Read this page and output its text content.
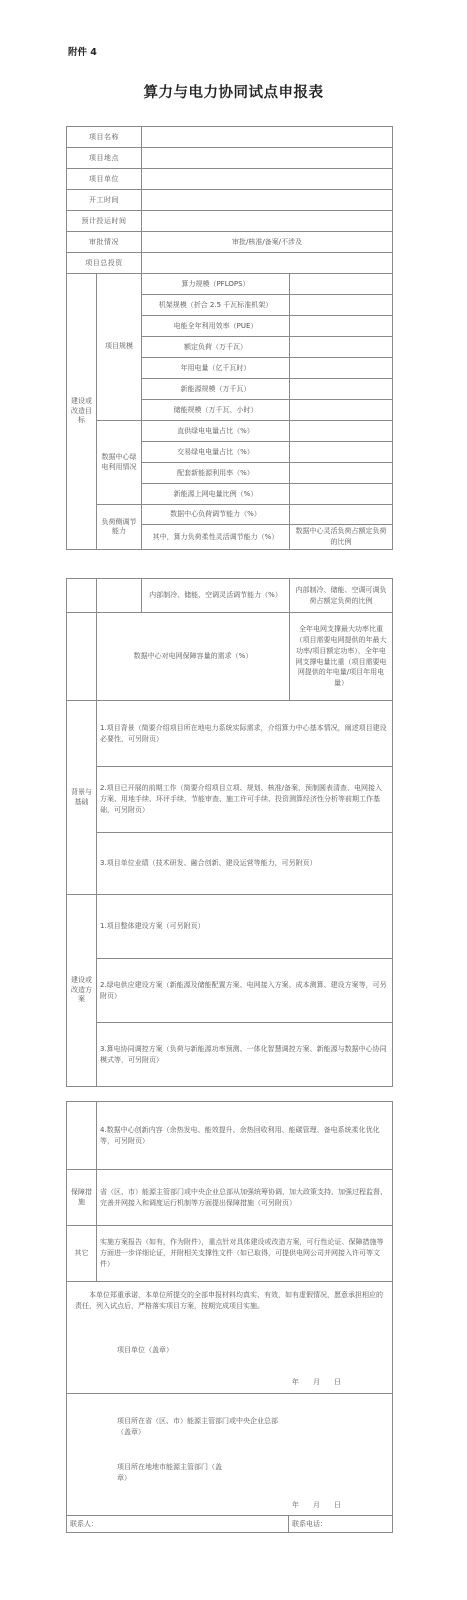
附件 4
算力与电力协同试点申报表
项目名称			
项目地点			
项目单位			
开工时间			
预计投运时间			
审批情况		审批/核准/备案/不涉及	
项目总投资			
建设或改造目标	项目规模	算力规模（PFLOPS）	
		机架规模（折合 2.5 千瓦标准机架）	
		电能全年利用效率（PUE）	
		额定负荷（万千瓦）	
		年用电量（亿千瓦时）	
		新能源规模（万千瓦）	
		储能规模（万千瓦、小时）	
	数据中心绿电利用情况	直供绿电电量占比（%）	
		交易绿电电量占比（%）	
		配套新能源利用率（%）	
		新能源上网电量比例（%）	
	负荷侧调节能力	数据中心负荷调节能力（%）	
		其中，算力负荷柔性灵活调节能力（%）	数据中心灵活负荷占额定负荷的比例
		内部制冷、储能、空调灵活调节能力（%）	内部制冷、储能、空调可调负荷占额定负荷的比例
	数据中心对电网保障容量的需求（%）		全年电网支撑最大功率比重（项目需要电网提供的年最大功率/项目额定功率），全年电网支撑电量比重（项目需要电网提供的年电量/项目年用电量）
背景与基础	1.项目背景（简要介绍项目所在地电力系统实际需求，介绍算力中心基本情况，阐述项目建设必要性，可另附页）		
	2.项目已开展的前期工作（简要介绍项目立项、规划、核准/备案、预制圆表清查、电网接入方案、用地手续、环评手续、节能审查、施工许可手续、投资测算经济性分析等前期工作基础，可另附页）		
	3.项目单位业绩（技术研发、融合创新、建设运营等能力，可另附页）		
建设或改造方案	1.项目整体建设方案（可另附页）		
	2.绿电供应建设方案（新能源及储能配置方案、电网接入方案、成本测算、建设方案等，可另附页）		
	3.算电协同调控方案（负荷与新能源功率预测、一体化智慧调控方案、新能源与数据中心协同模式等，可另附页）		
	4.数据中心创新内容（余热发电、能效提升、余热回收利用、能碳管理、备电系统柔化优化等，可另附页）
保障措施	省（区、市）能源主管部门或中央企业总部从加强统筹协调、加大政策支持、加强过程监督、完善并网接入和调度运行机制等方面提出保障措施（可另附页）
其它	实施方案报告（如有，作为附件），重点针对具体建设或改造方案，可行性论证、保障措施等方面进一步详细论证，并附相关支撑性文件（如已取得，可提供电网公司并网接入许可等文件）

本单位郑重承诺，本单位所提交的全部申报材料均真实、有效，如有虚假情况，愿意承担相应的责任，列入试点后，严格落实项目方案，按期完成项目实施。
项目单位（盖章）
年　　月　　日	

项目所在省（区、市）能源主管部门或中央企业总部（盖章）
项目所在地地市能源主管部门（盖章）
年　　月　　日	
联系人：	联系电话：
